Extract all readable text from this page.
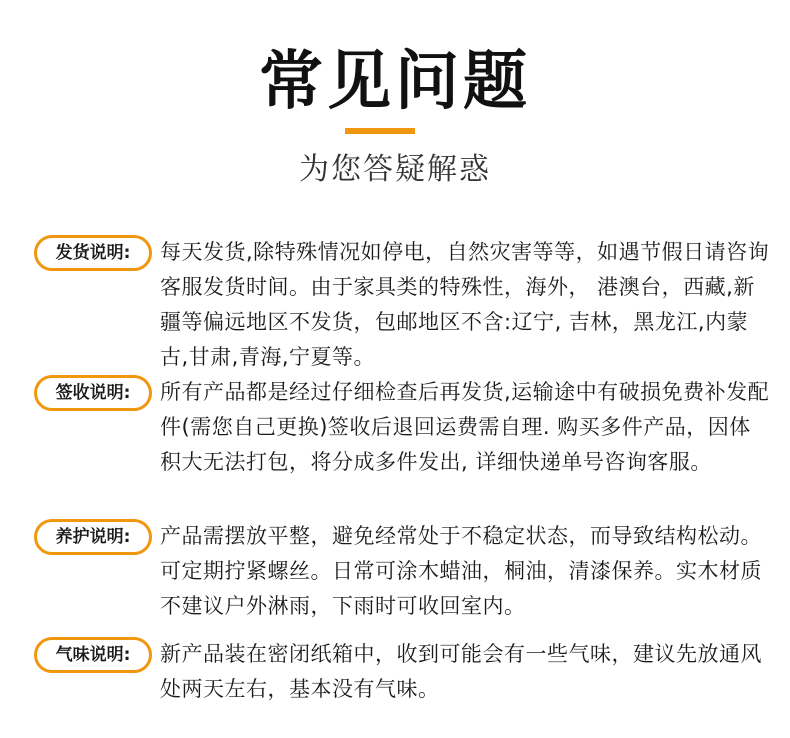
常见问题
为您答疑解惑
发货说明:	每天发货,除特殊情况如停电，自然灾害等等，如遇节假日请咨询客服发货时间。由于家具类的特殊性，海外， 港澳台，西藏,新疆等偏远地区不发货，包邮地区不含:辽宁, 吉林，黑龙江,内蒙古,甘肃,青海,宁夏等。
签收说明:	所有产品都是经过仔细检查后再发货,运输途中有破损免费补发配件(需您自己更换)签收后退回运费需自理. 购买多件产品，因体积大无法打包，将分成多件发出, 详细快递单号咨询客服。
养护说明:	产品需摆放平整，避免经常处于不稳定状态，而导致结构松动。可定期拧紧螺丝。日常可涂木蜡油，桐油，清漆保养。实木材质不建议户外淋雨，下雨时可收回室内。
气味说明:	新产品装在密闭纸箱中，收到可能会有一些气味，建议先放通风处两天左右，基本没有气味。
